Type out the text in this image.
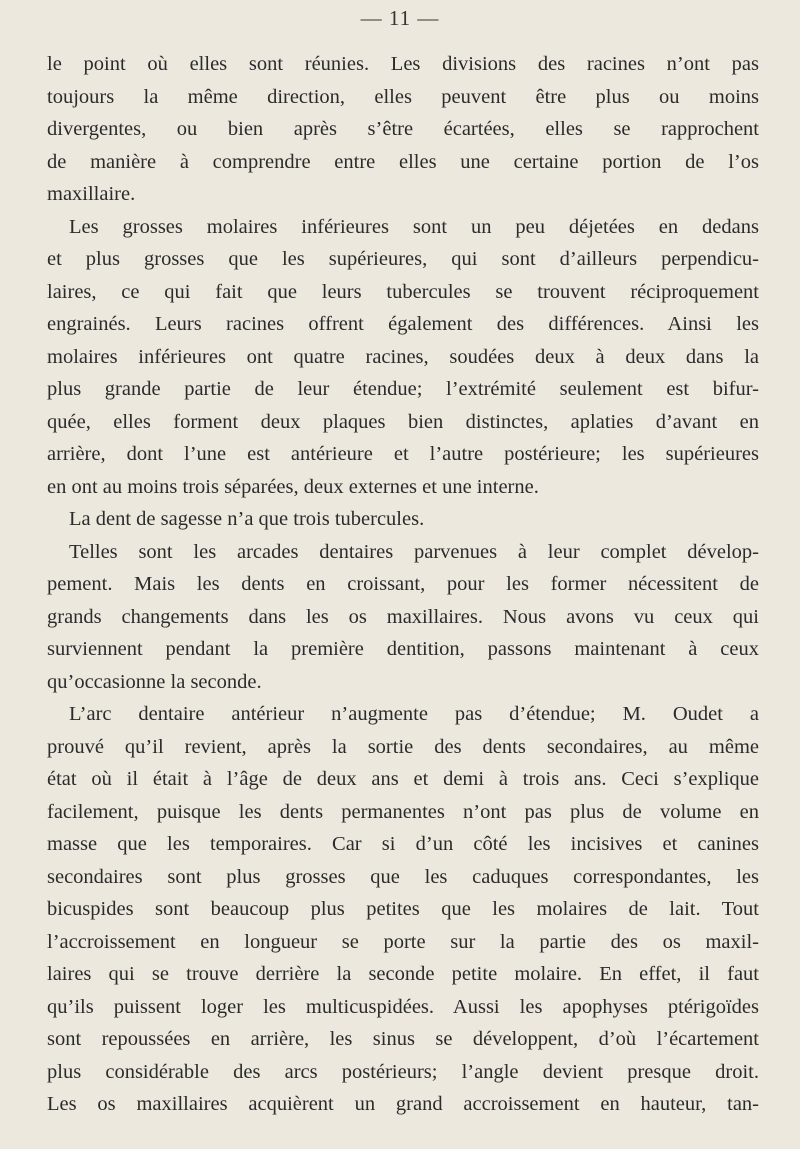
— 11 —
le point où elles sont réunies. Les divisions des racines n’ont pas
toujours la même direction, elles peuvent être plus ou moins
divergentes, ou bien après s’être écartées, elles se rapprochent
de manière à comprendre entre elles une certaine portion de l’os
maxillaire.
Les grosses molaires inférieures sont un peu déjetées en dedans
et plus grosses que les supérieures, qui sont d’ailleurs perpendicu-
laires, ce qui fait que leurs tubercules se trouvent réciproquement
engrainés. Leurs racines offrent également des différences. Ainsi les
molaires inférieures ont quatre racines, soudées deux à deux dans la
plus grande partie de leur étendue; l’extrémité seulement est bifur-
quée, elles forment deux plaques bien distinctes, aplaties d’avant en
arrière, dont l’une est antérieure et l’autre postérieure; les supérieures
en ont au moins trois séparées, deux externes et une interne.
La dent de sagesse n’a que trois tubercules.
Telles sont les arcades dentaires parvenues à leur complet dévelop-
pement. Mais les dents en croissant, pour les former nécessitent de
grands changements dans les os maxillaires. Nous avons vu ceux qui
surviennent pendant la première dentition, passons maintenant à ceux
qu’occasionne la seconde.
L’arc dentaire antérieur n’augmente pas d’étendue; M. Oudet a
prouvé qu’il revient, après la sortie des dents secondaires, au même
état où il était à l’âge de deux ans et demi à trois ans. Ceci s’explique
facilement, puisque les dents permanentes n’ont pas plus de volume en
masse que les temporaires. Car si d’un côté les incisives et canines
secondaires sont plus grosses que les caduques correspondantes, les
bicuspides sont beaucoup plus petites que les molaires de lait. Tout
l’accroissement en longueur se porte sur la partie des os maxil-
laires qui se trouve derrière la seconde petite molaire. En effet, il faut
qu’ils puissent loger les multicuspidées. Aussi les apophyses ptérigoïdes
sont repoussées en arrière, les sinus se développent, d’où l’écartement
plus considérable des arcs postérieurs; l’angle devient presque droit.
Les os maxillaires acquièrent un grand accroissement en hauteur, tan-
